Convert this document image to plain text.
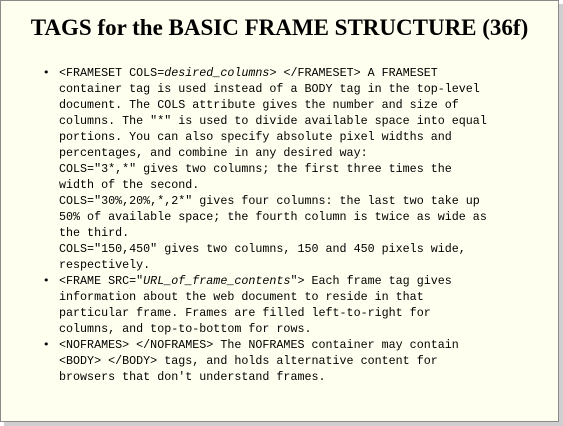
TAGS for the BASIC FRAME STRUCTURE (36f)
• <FRAMESET COLS=desired_columns> </FRAMESET> A FRAMESET
container tag is used instead of a BODY tag in the top-level
document. The COLS attribute gives the number and size of
columns. The "*" is used to divide available space into equal
portions. You can also specify absolute pixel widths and
percentages, and combine in any desired way:
COLS="3*,*" gives two columns; the first three times the
width of the second.
COLS="30%,20%,*,2*" gives four columns: the last two take up
50% of available space; the fourth column is twice as wide as
the third.
COLS="150,450" gives two columns, 150 and 450 pixels wide,
respectively.
• <FRAME SRC="URL_of_frame_contents"> Each frame tag gives
information about the web document to reside in that
particular frame. Frames are filled left-to-right for
columns, and top-to-bottom for rows.
• <NOFRAMES> </NOFRAMES> The NOFRAMES container may contain
<BODY> </BODY> tags, and holds alternative content for
browsers that don't understand frames.
